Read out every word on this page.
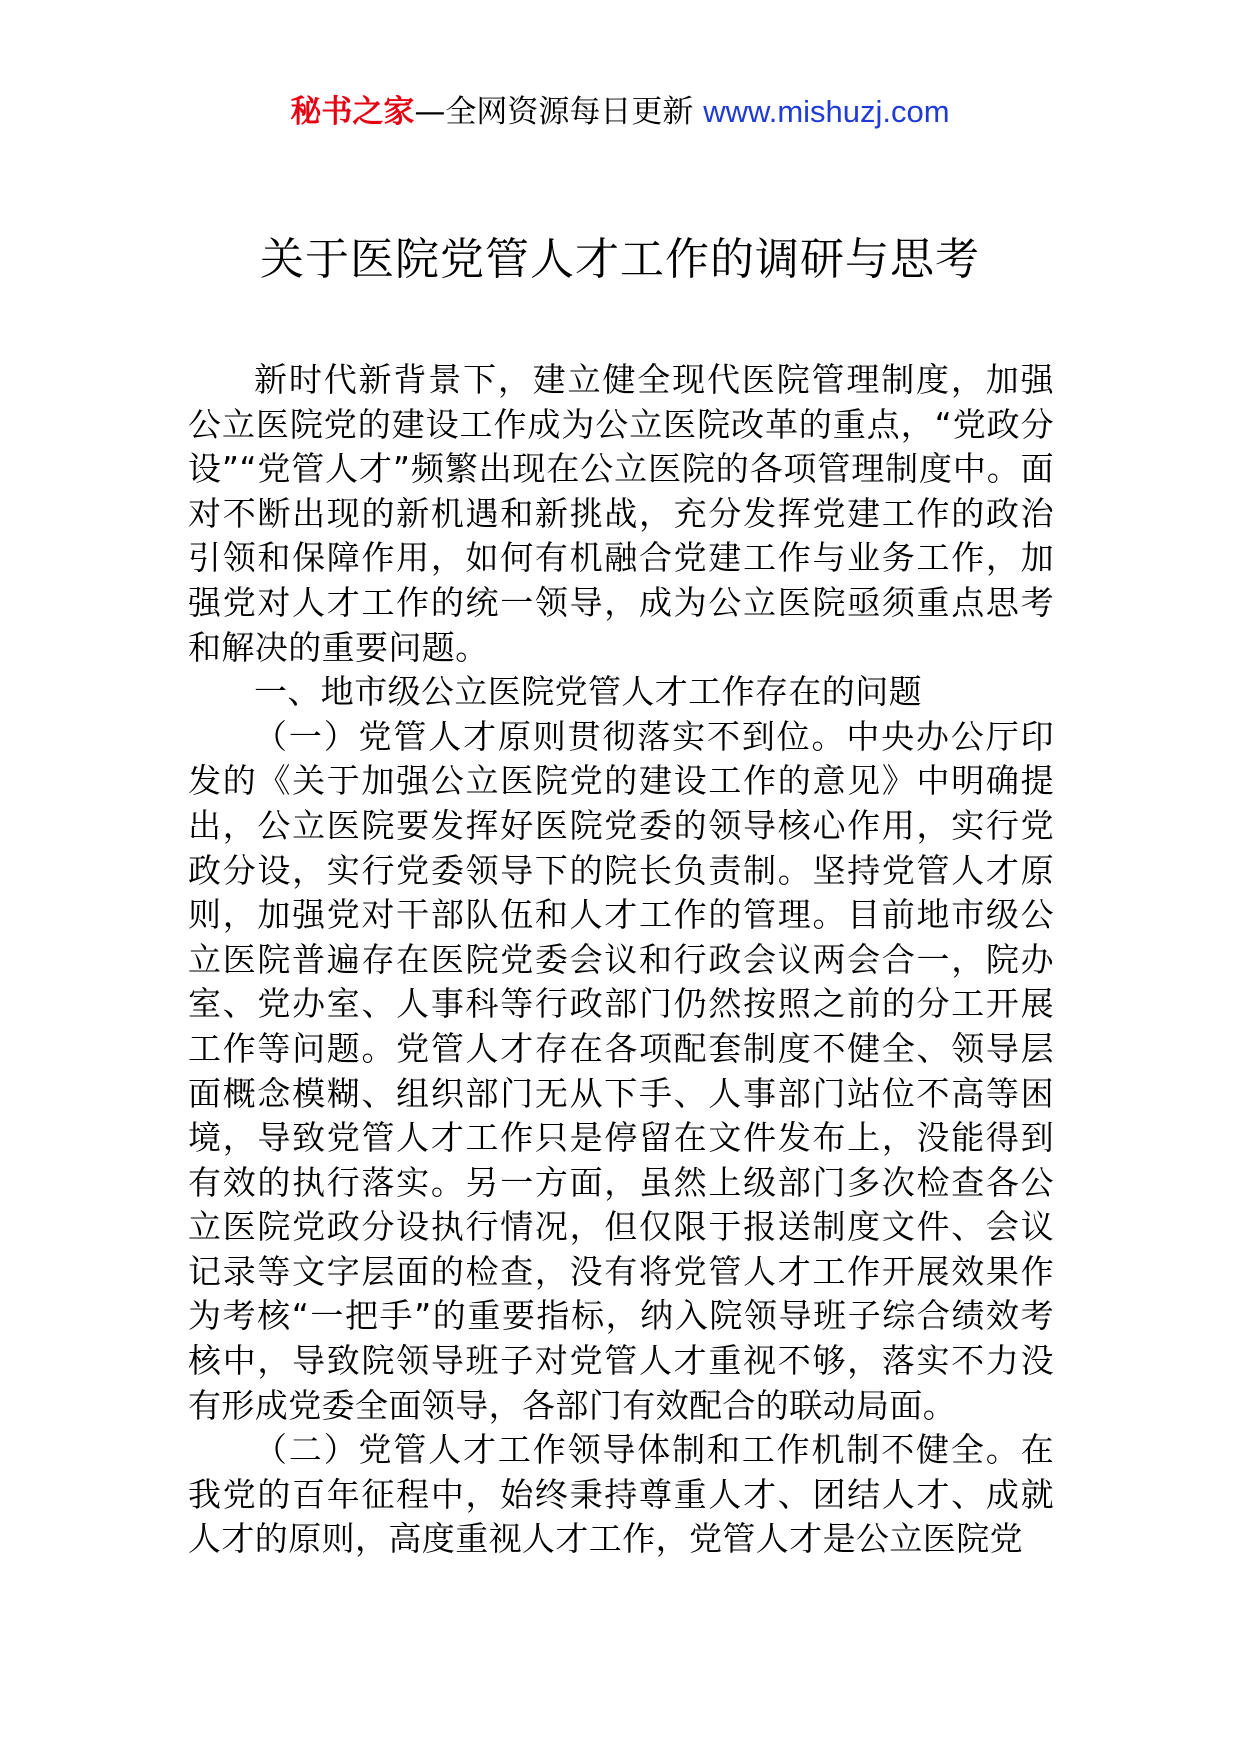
秘书之家—全网资源每日更新 www.mishuzj.com
关于医院党管人才工作的调研与思考

新时代新背景下，建立健全现代医院管理制度，加强公立医院党的建设工作成为公立医院改革的重点，“党政分设”“党管人才”频繁出现在公立医院的各项管理制度中。面对不断出现的新机遇和新挑战，充分发挥党建工作的政治引领和保障作用，如何有机融合党建工作与业务工作，加强党对人才工作的统一领导，成为公立医院亟须重点思考和解决的重要问题。

一、地市级公立医院党管人才工作存在的问题

（一）党管人才原则贯彻落实不到位。中央办公厅印发的《关于加强公立医院党的建设工作的意见》中明确提出，公立医院要发挥好医院党委的领导核心作用，实行党政分设，实行党委领导下的院长负责制。坚持党管人才原则，加强党对干部队伍和人才工作的管理。目前地市级公立医院普遍存在医院党委会议和行政会议两会合一，院办室、党办室、人事科等行政部门仍然按照之前的分工开展工作等问题。党管人才存在各项配套制度不健全、领导层面概念模糊、组织部门无从下手、人事部门站位不高等困境，导致党管人才工作只是停留在文件发布上，没能得到有效的执行落实。另一方面，虽然上级部门多次检查各公立医院党政分设执行情况，但仅限于报送制度文件、会议记录等文字层面的检查，没有将党管人才工作开展效果作为考核“一把手”的重要指标，纳入院领导班子综合绩效考核中，导致院领导班子对党管人才重视不够，落实不力没有形成党委全面领导，各部门有效配合的联动局面。

（二）党管人才工作领导体制和工作机制不健全。在我党的百年征程中，始终秉持尊重人才、团结人才、成就人才的原则，高度重视人才工作，党管人才是公立医院党
